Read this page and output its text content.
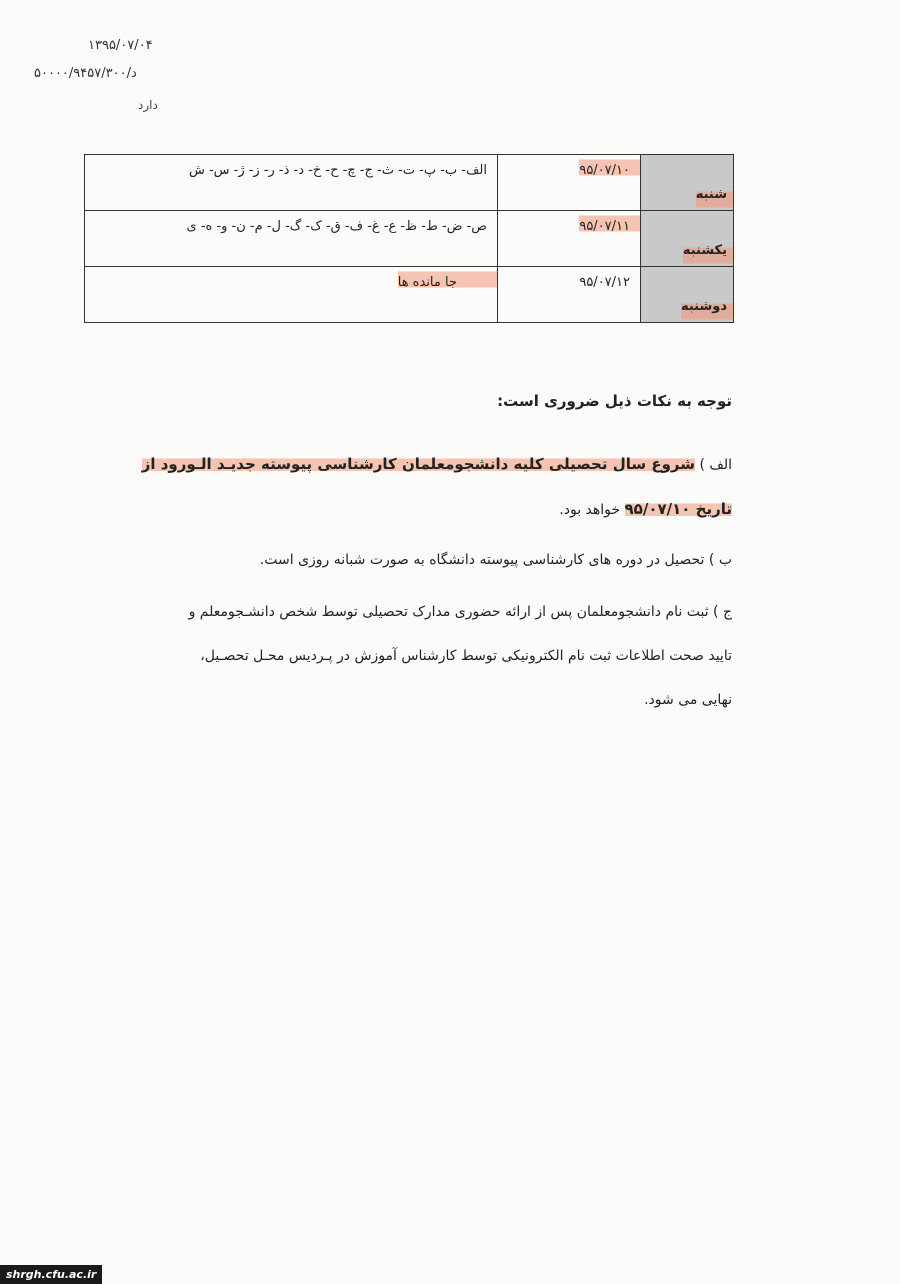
۱۳۹۵/۰۷/۰۴
د/۵۰۰۰۰/۹۴۵۷/۳۰۰
دارد
شنبه	۹۵/۰۷/۱۰	الف- ب- پ- ت- ث- ج- چ- ح- خ- د- ذ- ر- ز- ژ- س- ش
یکشنبه	۹۵/۰۷/۱۱	ص- ض- ط- ظ- ع- غ- ف- ق- ک- گ- ل- م- ن- و- ه- ی
دوشنبه	۹۵/۰۷/۱۲	جا مانده ها

توجه به نکات ذیل ضروری است:

الف ) شروع سال تحصیلی کلیه دانشجومعلمان کارشناسی پیوسته جدیـد الـورود از
تاریخ ۹۵/۰۷/۱۰ خواهد بود.

ب ) تحصیل در دوره های کارشناسی پیوسته دانشگاه به صورت شبانه روزی است.

ج ) ثبت نام دانشجومعلمان پس از ارائه حضوری مدارک تحصیلی توسط شخص دانشـجومعلم و
تایید صحت اطلاعات ثبت نام الکترونیکی توسط کارشناس آموزش در پـردیس محـل تحصـیل،
نهایی می شود.

shrgh.cfu.ac.ir
